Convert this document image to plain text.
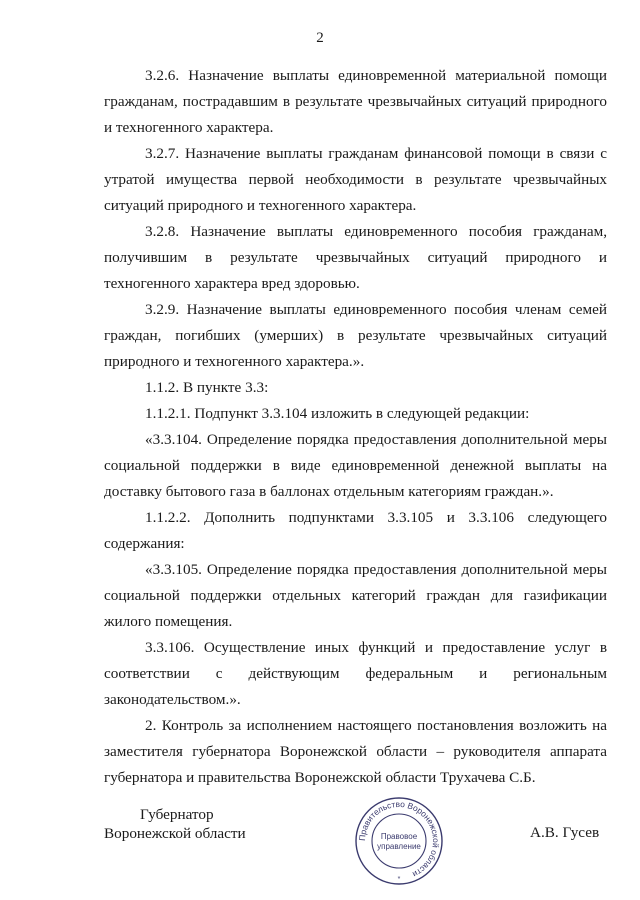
2

3.2.6. Назначение выплаты единовременной материальной помощи гражданам, пострадавшим в результате чрезвычайных ситуаций природного и техногенного характера.

3.2.7. Назначение выплаты гражданам финансовой помощи в связи с утратой имущества первой необходимости в результате чрезвычайных ситуаций природного и техногенного характера.

3.2.8. Назначение выплаты единовременного пособия гражданам, получившим в результате чрезвычайных ситуаций природного и техногенного характера вред здоровью.

3.2.9. Назначение выплаты единовременного пособия членам семей граждан, погибших (умерших) в результате чрезвычайных ситуаций природного и техногенного характера.».

1.1.2. В пункте 3.3:

1.1.2.1. Подпункт 3.3.104 изложить в следующей редакции:

«3.3.104. Определение порядка предоставления дополнительной меры социальной поддержки в виде единовременной денежной выплаты на доставку бытового газа в баллонах отдельным категориям граждан.».

1.1.2.2. Дополнить подпунктами 3.3.105 и 3.3.106 следующего содержания:

«3.3.105. Определение порядка предоставления дополнительной меры социальной поддержки отдельных категорий граждан для газификации жилого помещения.

3.3.106. Осуществление иных функций и предоставление услуг в соответствии с действующим федеральным и региональным законодательством.».

2. Контроль за исполнением настоящего постановления возложить на заместителя губернатора Воронежской области – руководителя аппарата губернатора и правительства Воронежской области Трухачева С.Б.

Губернатор
Воронежской области	Правительство Воронежской области
Правовое
управление
*
А.В. Гусев
